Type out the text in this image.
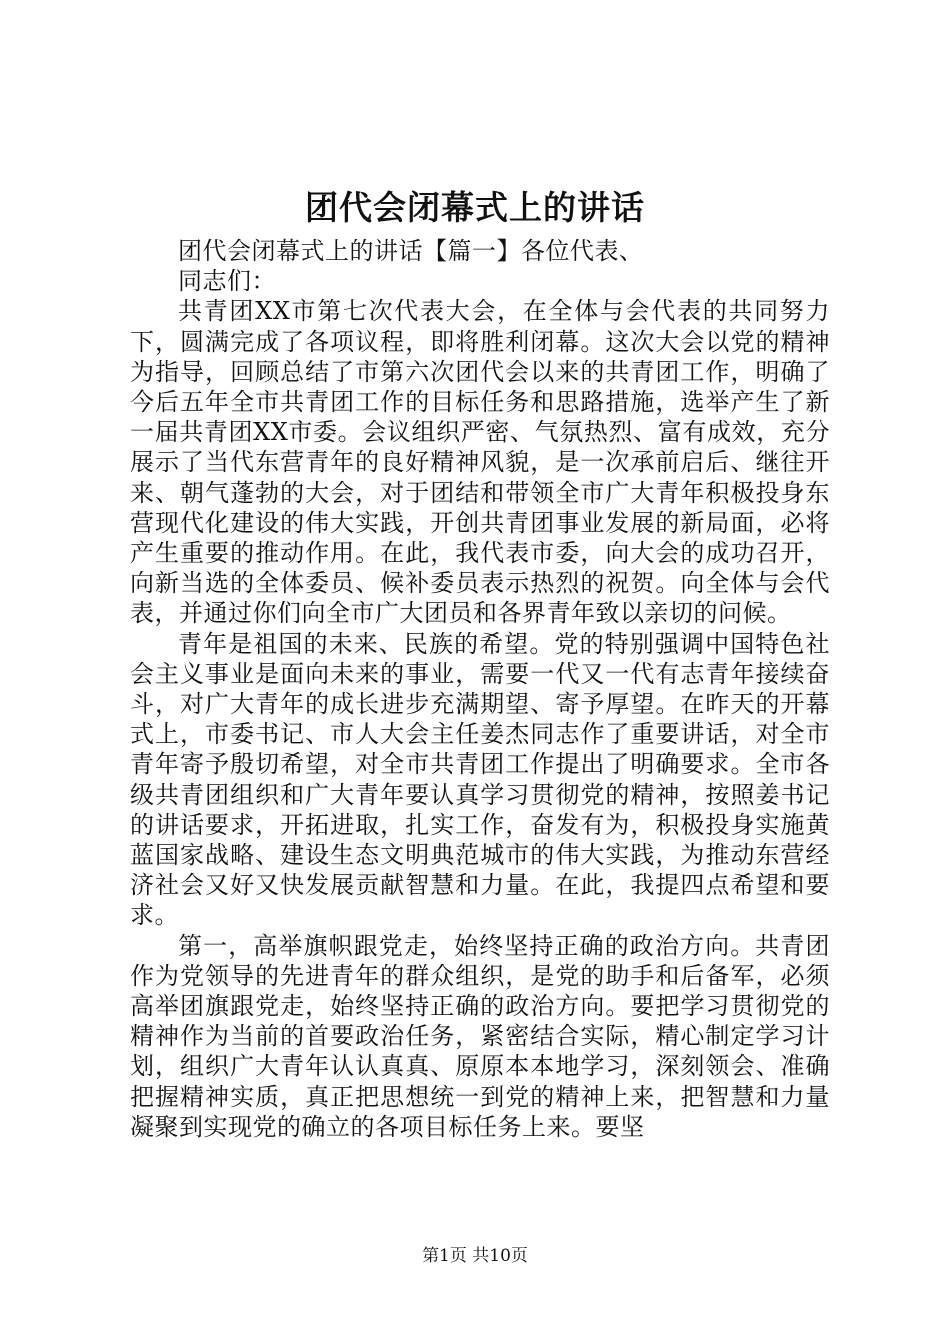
团代会闭幕式上的讲话

团代会闭幕式上的讲话【篇一】各位代表、

同志们：

共青团XX市第七次代表大会，在全体与会代表的共同努力下，圆满完成了各项议程，即将胜利闭幕。这次大会以党的精神为指导，回顾总结了市第六次团代会以来的共青团工作，明确了今后五年全市共青团工作的目标任务和思路措施，选举产生了新一届共青团XX市委。会议组织严密、气氛热烈、富有成效，充分展示了当代东营青年的良好精神风貌，是一次承前启后、继往开来、朝气蓬勃的大会，对于团结和带领全市广大青年积极投身东营现代化建设的伟大实践，开创共青团事业发展的新局面，必将产生重要的推动作用。在此，我代表市委，向大会的成功召开，向新当选的全体委员、候补委员表示热烈的祝贺。向全体与会代表，并通过你们向全市广大团员和各界青年致以亲切的问候。

青年是祖国的未来、民族的希望。党的特别强调中国特色社会主义事业是面向未来的事业，需要一代又一代有志青年接续奋斗，对广大青年的成长进步充满期望、寄予厚望。在昨天的开幕式上，市委书记、市人大会主任姜杰同志作了重要讲话，对全市青年寄予殷切希望，对全市共青团工作提出了明确要求。全市各级共青团组织和广大青年要认真学习贯彻党的精神，按照姜书记的讲话要求，开拓进取，扎实工作，奋发有为，积极投身实施黄蓝国家战略、建设生态文明典范城市的伟大实践，为推动东营经济社会又好又快发展贡献智慧和力量。在此，我提四点希望和要求。

第一，高举旗帜跟党走，始终坚持正确的政治方向。共青团作为党领导的先进青年的群众组织，是党的助手和后备军，必须高举团旗跟党走，始终坚持正确的政治方向。要把学习贯彻党的精神作为当前的首要政治任务，紧密结合实际，精心制定学习计划，组织广大青年认认真真、原原本本地学习，深刻领会、准确把握精神实质，真正把思想统一到党的精神上来，把智慧和力量凝聚到实现党的确立的各项目标任务上来。要坚

第1页 共10页
